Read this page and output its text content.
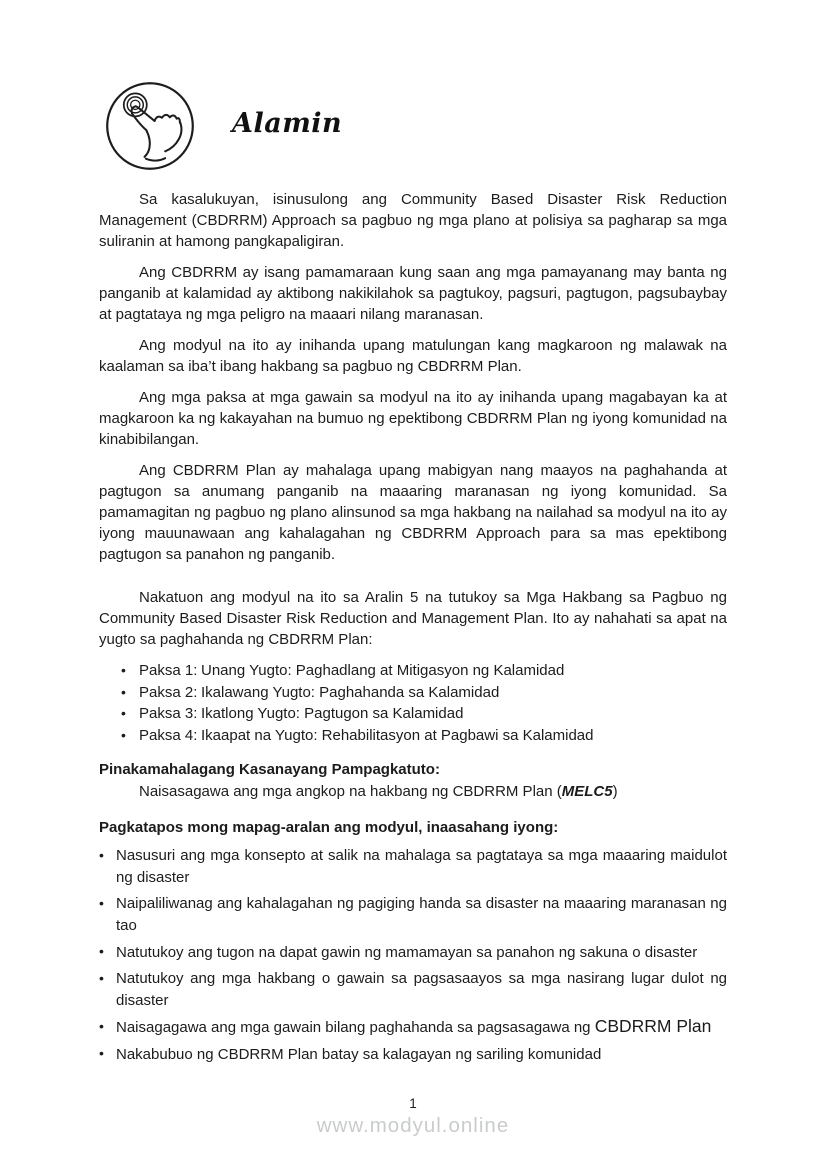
Alamin

Sa kasalukuyan, isinusulong ang Community Based Disaster Risk Reduction Management (CBDRRM) Approach sa pagbuo ng mga plano at polisiya sa pagharap sa mga suliranin at hamong pangkapaligiran.

Ang CBDRRM ay isang pamamaraan kung saan ang mga pamayanang may banta ng panganib at kalamidad ay aktibong nakikilahok sa pagtukoy, pagsuri, pagtugon, pagsubaybay at pagtataya ng mga peligro na maaari nilang maranasan.

Ang modyul na ito ay inihanda upang matulungan kang magkaroon ng malawak na kaalaman sa iba’t ibang hakbang sa pagbuo ng CBDRRM Plan.

Ang mga paksa at mga gawain sa modyul na ito ay inihanda upang magabayan ka at magkaroon ka ng kakayahan na bumuo ng epektibong CBDRRM Plan ng iyong komunidad na kinabibilangan.

Ang CBDRRM Plan ay mahalaga upang mabigyan nang maayos na paghahanda at pagtugon sa anumang panganib na maaaring maranasan ng iyong komunidad. Sa pamamagitan ng pagbuo ng plano alinsunod sa mga hakbang na nailahad sa modyul na ito ay iyong mauunawaan ang kahalagahan ng CBDRRM Approach para sa mas epektibong pagtugon sa panahon ng panganib.

Nakatuon ang modyul na ito sa Aralin 5 na tutukoy sa Mga Hakbang sa Pagbuo ng Community Based Disaster Risk Reduction and Management Plan. Ito ay nahahati sa apat na yugto sa paghahanda ng CBDRRM Plan:

• Paksa 1: Unang Yugto: Paghadlang at Mitigasyon ng Kalamidad
• Paksa 2: Ikalawang Yugto: Paghahanda sa Kalamidad
• Paksa 3: Ikatlong Yugto: Pagtugon sa Kalamidad
• Paksa 4: Ikaapat na Yugto: Rehabilitasyon at Pagbawi sa Kalamidad
Pinakamahalagang Kasanayang Pampagkatuto:
Naisasagawa ang mga angkop na hakbang ng CBDRRM Plan (MELC5)
Pagkatapos mong mapag-aralan ang modyul, inaasahang iyong:
• Nasusuri ang mga konsepto at salik na mahalaga sa pagtataya sa mga maaaring maidulot ng disaster
• Naipaliliwanag ang kahalagahan ng pagiging handa sa disaster na maaaring maranasan ng tao
• Natutukoy ang tugon na dapat gawin ng mamamayan sa panahon ng sakuna o disaster
• Natutukoy ang mga hakbang o gawain sa pagsasaayos sa mga nasirang lugar dulot ng disaster
• Naisagagawa ang mga gawain bilang paghahanda sa pagsasagawa ng CBDRRM Plan
• Nakabubuo ng CBDRRM Plan batay sa kalagayan ng sariling komunidad
1
www.modyul.online
